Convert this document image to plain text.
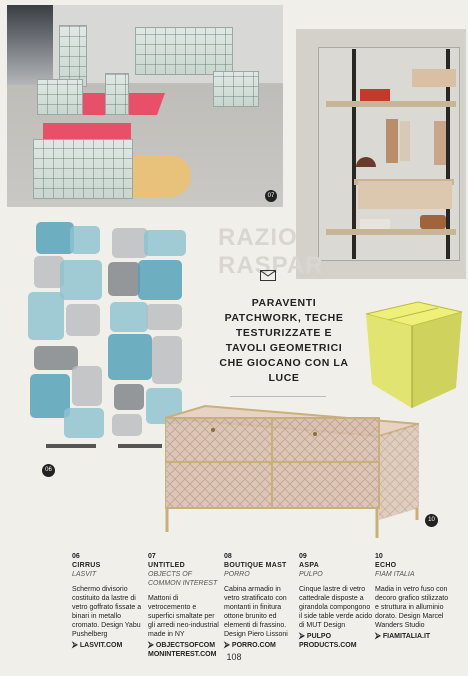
07
RAZIO
RASPAR
06
PARAVENTI PATCHWORK, TECHE TESTURIZZATE E TAVOLI GEOMETRICI CHE GIOCANO CON LA LUCE
10
06
CIRRUS
LASVIT
Schermo divisorio costituito da lastre di vetro goffrato fissate a binari in metallo cromato. Design Yabu Pushelberg
⮚ LASVIT.COM
07
UNTITLED
OBJECTS OF COMMON INTEREST
Mattoni di vetrocemento e superfici smaltate per gli arredi neo-industrial made in NY
⮚ OBJECTSOFCOM MONINTEREST.COM
08
BOUTIQUE MAST
PORRO
Cabina armadio in vetro stratificato con montanti in finitura ottone brunito ed elementi di frassino. Design Piero Lissoni
⮚ PORRO.COM
09
ASPA
PULPO
Cinque lastre di vetro cattedrale disposte a girandola compongono il side table verde acido di MUT Design
⮚ PULPO PRODUCTS.COM
10
ECHO
FIAM ITALIA
Madia in vetro fuso con decoro grafico stilizzato e struttura in alluminio dorato. Design Marcel Wanders Studio
⮚ FIAMITALIA.IT
108
